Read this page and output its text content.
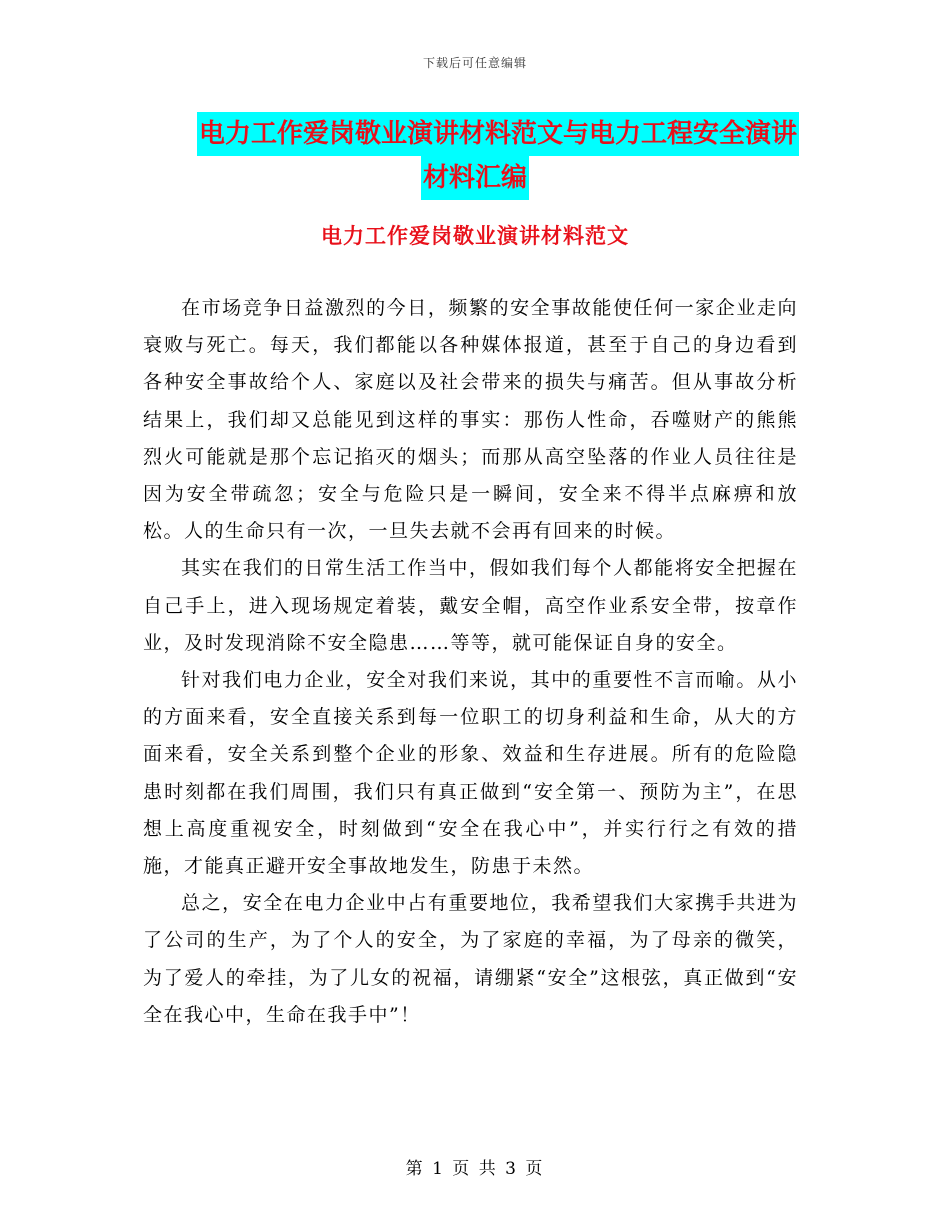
下载后可任意编辑
电力工作爱岗敬业演讲材料范文与电力工程安全演讲
材料汇编
电力工作爱岗敬业演讲材料范文

在市场竞争日益激烈的今日，频繁的安全事故能使任何一家企业走向衰败与死亡。每天，我们都能以各种媒体报道，甚至于自己的身边看到各种安全事故给个人、家庭以及社会带来的损失与痛苦。但从事故分析结果上，我们却又总能见到这样的事实：那伤人性命，吞噬财产的熊熊烈火可能就是那个忘记掐灭的烟头；而那从高空坠落的作业人员往往是因为安全带疏忽；安全与危险只是一瞬间，安全来不得半点麻痹和放松。人的生命只有一次，一旦失去就不会再有回来的时候。

其实在我们的日常生活工作当中，假如我们每个人都能将安全把握在自己手上，进入现场规定着装，戴安全帽，高空作业系安全带，按章作业，及时发现消除不安全隐患……等等，就可能保证自身的安全。

针对我们电力企业，安全对我们来说，其中的重要性不言而喻。从小的方面来看，安全直接关系到每一位职工的切身利益和生命，从大的方面来看，安全关系到整个企业的形象、效益和生存进展。所有的危险隐患时刻都在我们周围，我们只有真正做到“安全第一、预防为主”，在思想上高度重视安全，时刻做到“安全在我心中”，并实行行之有效的措施，才能真正避开安全事故地发生，防患于未然。

总之，安全在电力企业中占有重要地位，我希望我们大家携手共进为了公司的生产，为了个人的安全，为了家庭的幸福，为了母亲的微笑，为了爱人的牵挂，为了儿女的祝福，请绷紧“安全”这根弦，真正做到“安全在我心中，生命在我手中”！

第 1 页 共 3 页
